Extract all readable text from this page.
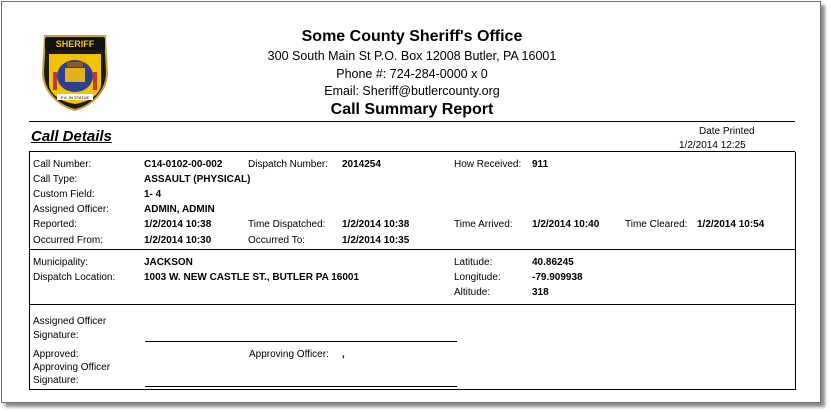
SHERIFF
P.A. IN STATUE
Some County Sheriff's Office
300 South Main St P.O. Box 12008 Butler, PA 16001
Phone #: 724-284-0000 x 0
Email: Sheriff@butlercounty.org
Call Summary Report
Call Details	Date Printed
1/2/2014 12:25
Call Number:	C14-0102-00-002	Dispatch Number: 2014254	How Received: 911
Call Type:	ASSAULT (PHYSICAL)
Custom Field:	1- 4
Assigned Officer:	ADMIN, ADMIN
Reported:	1/2/2014 10:38	Time Dispatched: 1/2/2014 10:38	Time Arrived: 1/2/2014 10:40	Time Cleared: 1/2/2014 10:54
Occurred From:	1/2/2014 10:30	Occurred To:	1/2/2014 10:35
Municipality:	JACKSON
Dispatch Location:	1003 W. NEW CASTLE ST., BUTLER PA 16001
Latitude:	40.86245
Longitude:	-79.909938
Altitude:	318
Assigned Officer
Signature:
Approved:	Approving Officer: ,
Approving Officer
Signature:
